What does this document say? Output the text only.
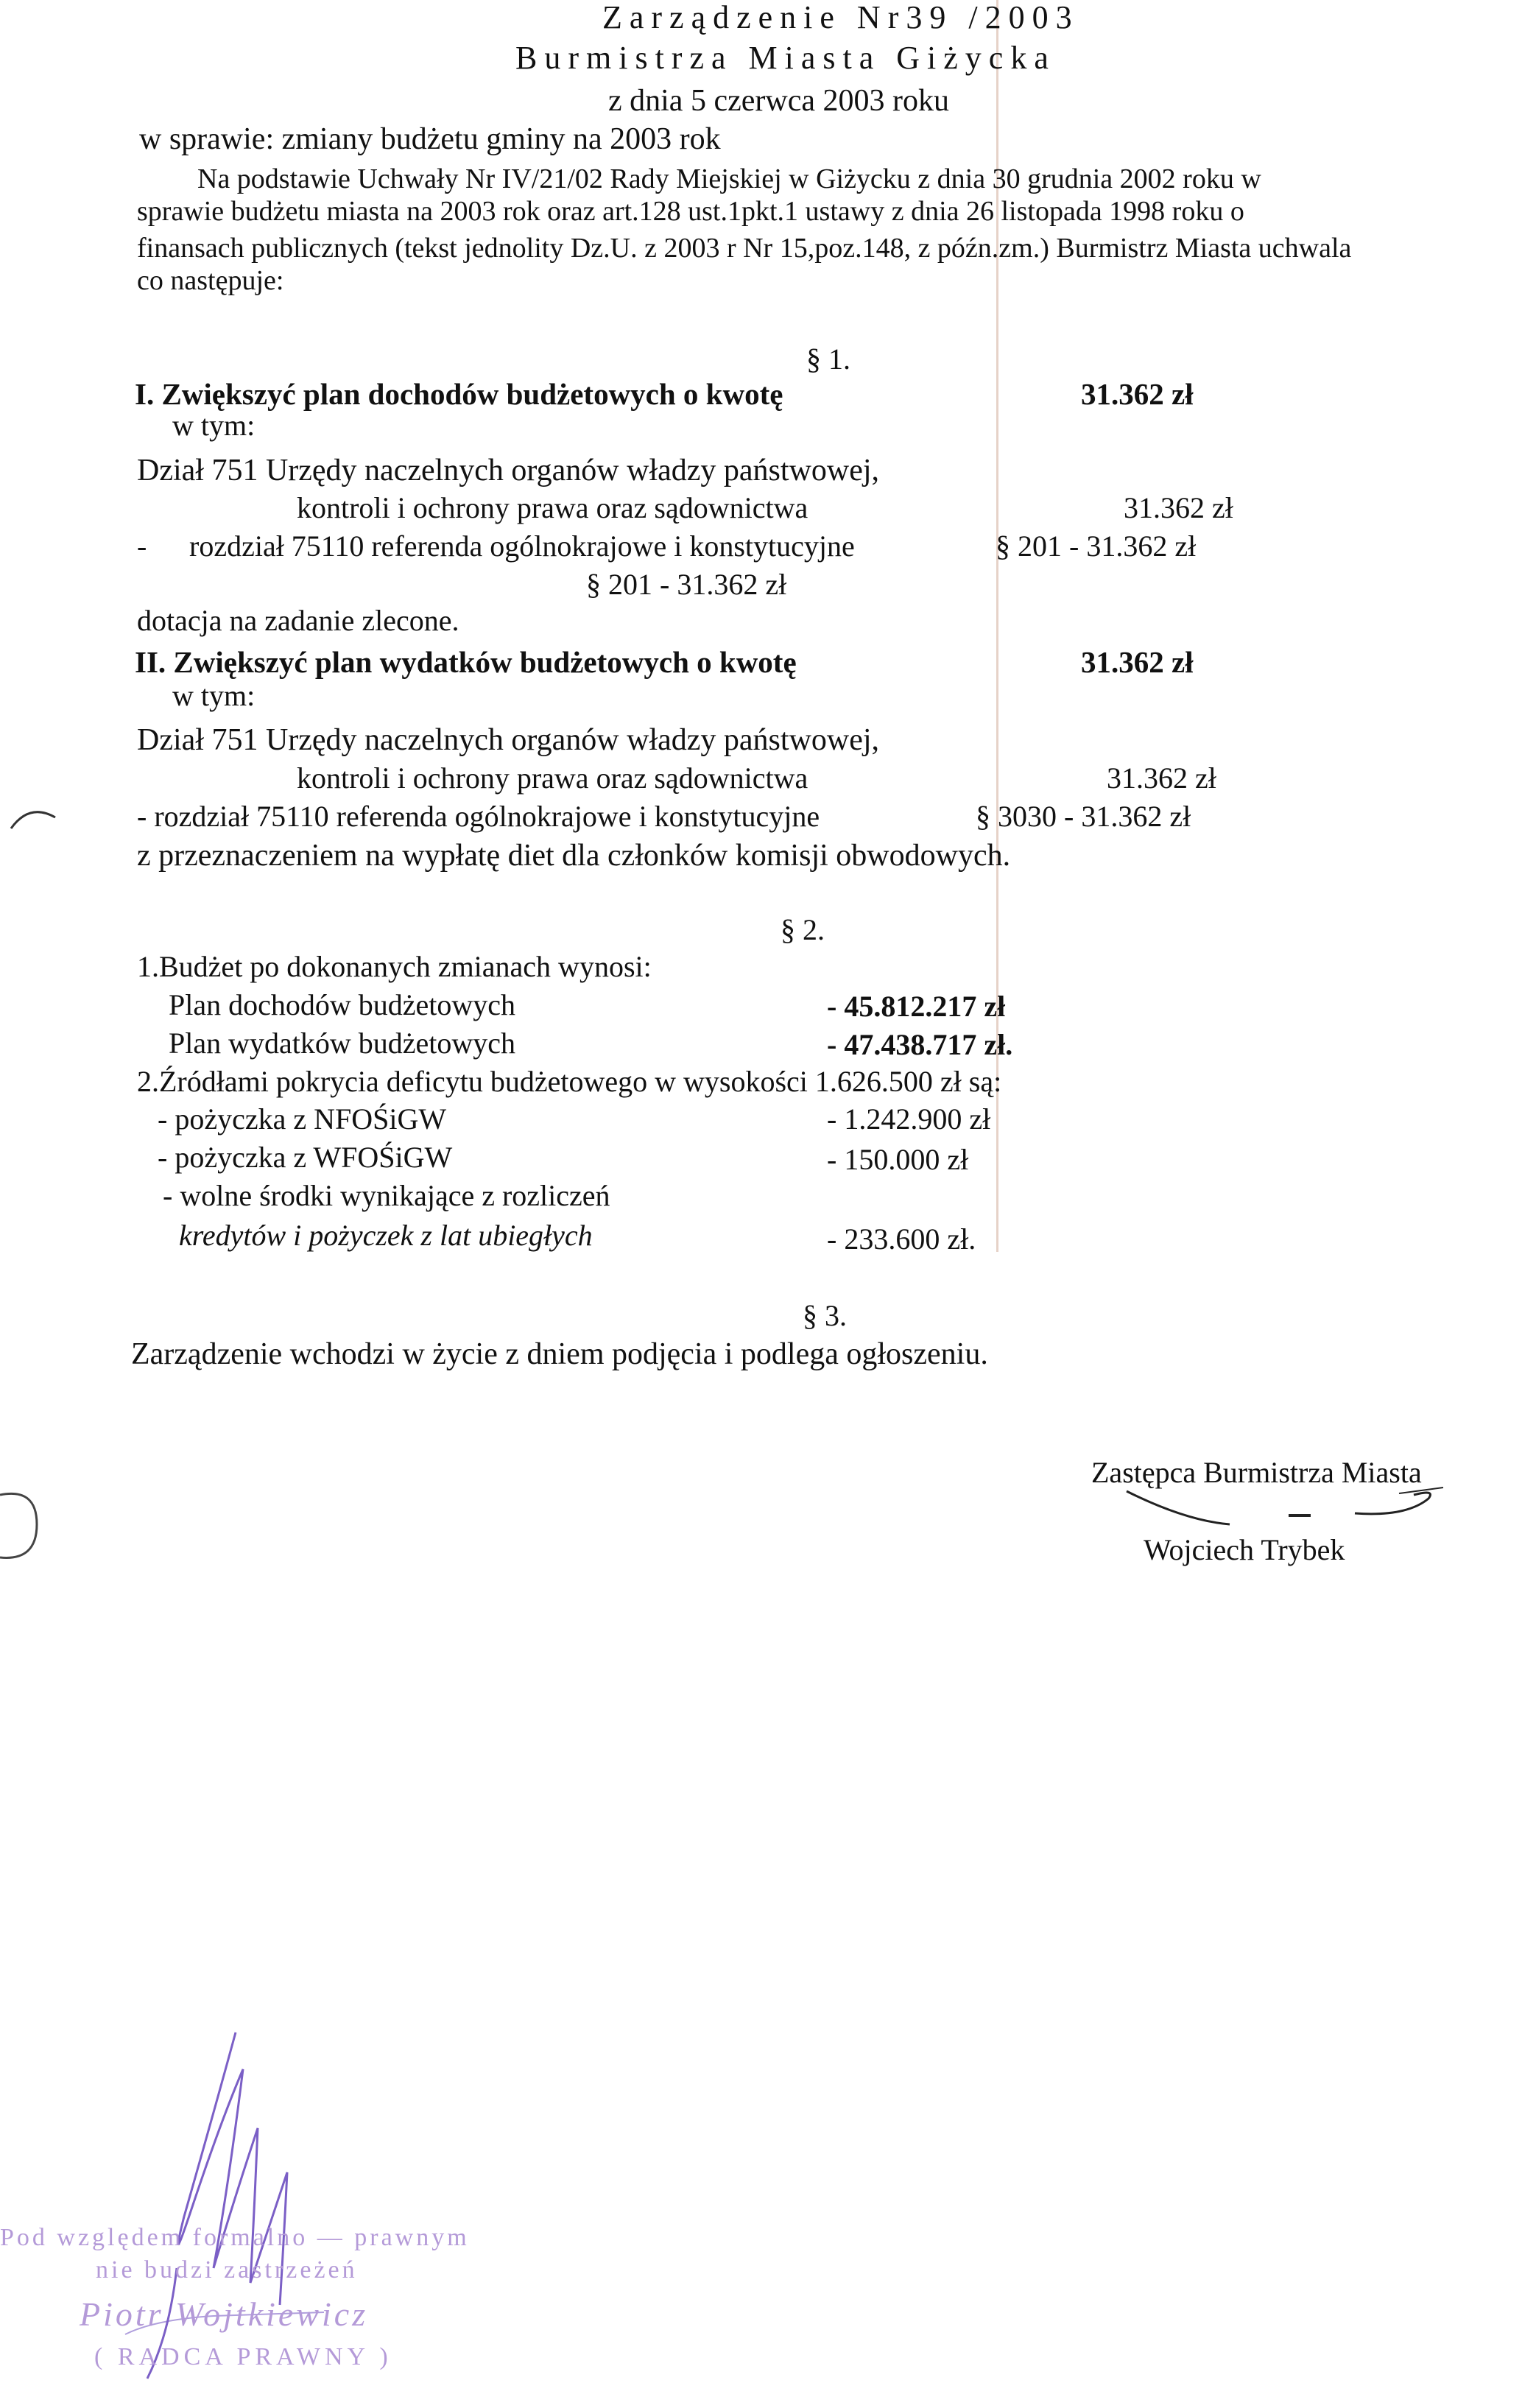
Zarządzenie Nr39 /2003
Burmistrza Miasta Giżycka
z dnia 5 czerwca 2003 roku
w sprawie: zmiany budżetu gminy na 2003 rok
Na podstawie Uchwały Nr IV/21/02 Rady Miejskiej w Giżycku z dnia 30 grudnia 2002 roku w
sprawie budżetu miasta na 2003 rok oraz art.128 ust.1pkt.1 ustawy z dnia 26 listopada 1998 roku o
finansach publicznych (tekst jednolity Dz.U. z 2003 r Nr 15,poz.148, z późn.zm.) Burmistrz Miasta uchwala
co następuje:
§ 1.
I. Zwiększyć plan dochodów budżetowych o kwotę	31.362 zł
w tym:
Dział 751 Urzędy naczelnych organów władzy państwowej,
kontroli i ochrony prawa oraz sądownictwa	31.362 zł
- rozdział 75110 referenda ogólnokrajowe i konstytucyjne	§ 201 - 31.362 zł
§ 201 - 31.362 zł
dotacja na zadanie zlecone.
II. Zwiększyć plan wydatków budżetowych o kwotę	31.362 zł
w tym:
Dział 751 Urzędy naczelnych organów władzy państwowej,
kontroli i ochrony prawa oraz sądownictwa	31.362 zł
- rozdział 75110 referenda ogólnokrajowe i konstytucyjne	§ 3030 - 31.362 zł
z przeznaczeniem na wypłatę diet dla członków komisji obwodowych.
§ 2.
1.Budżet po dokonanych zmianach wynosi:
Plan dochodów budżetowych	- 45.812.217 zł
Plan wydatków budżetowych	- 47.438.717 zł.
2.Źródłami pokrycia deficytu budżetowego w wysokości 1.626.500 zł są:
- pożyczka z NFOŚiGW	- 1.242.900 zł
- pożyczka z WFOŚiGW	- 150.000 zł
- wolne środki wynikające z rozliczeń
kredytów i pożyczek z lat ubiegłych	- 233.600 zł.
§ 3.
Zarządzenie wchodzi w życie z dniem podjęcia i podlega ogłoszeniu.
Zastępca Burmistrza Miasta
Wojciech Trybek
Pod względem formalno — prawnym
nie budzi zastrzeżeń
Piotr Wojtkiewicz
( RADCA PRAWNY )
